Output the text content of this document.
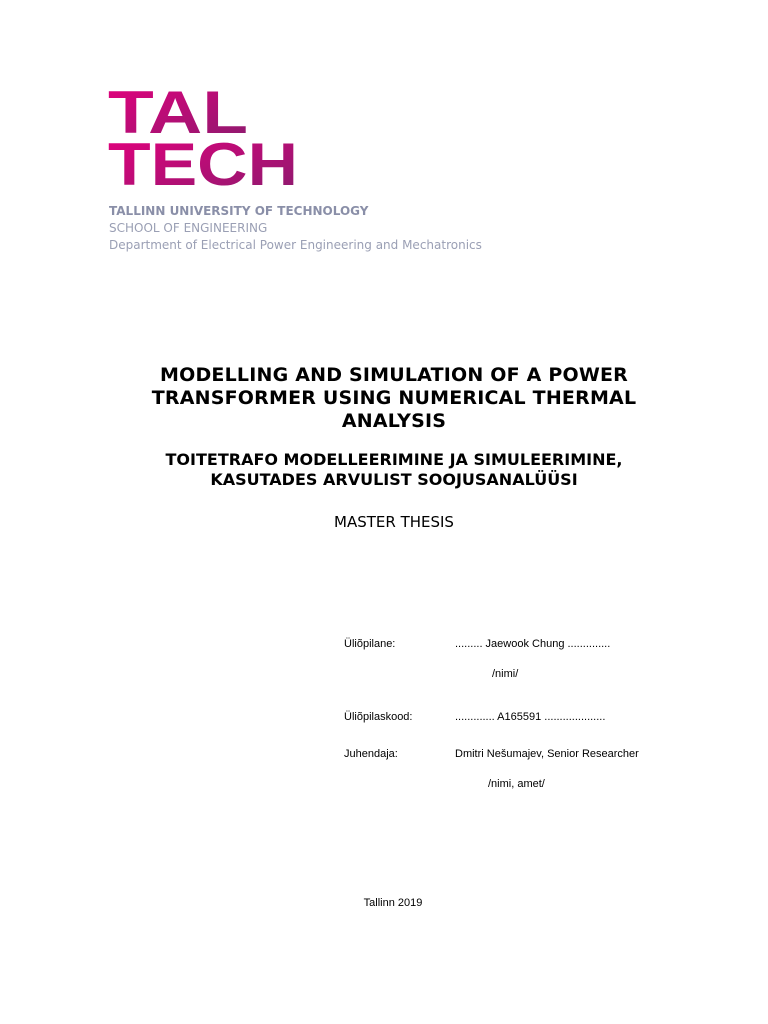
TAL
TECH
TALLINN UNIVERSITY OF TECHNOLOGY
SCHOOL OF ENGINEERING
Department of Electrical Power Engineering and Mechatronics
MODELLING AND SIMULATION OF A POWER
TRANSFORMER USING NUMERICAL THERMAL
ANALYSIS
TOITETRAFO MODELLEERIMINE JA SIMULEERIMINE,
KASUTADES ARVULIST SOOJUSANALÜÜSI
MASTER THESIS
Üliõpilane:	......... Jaewook Chung ..............
/nimi/
Üliõpilaskood:	............. A165591 ....................
Juhendaja:	Dmitri Nešumajev, Senior Researcher
/nimi, amet/
Tallinn 2019
